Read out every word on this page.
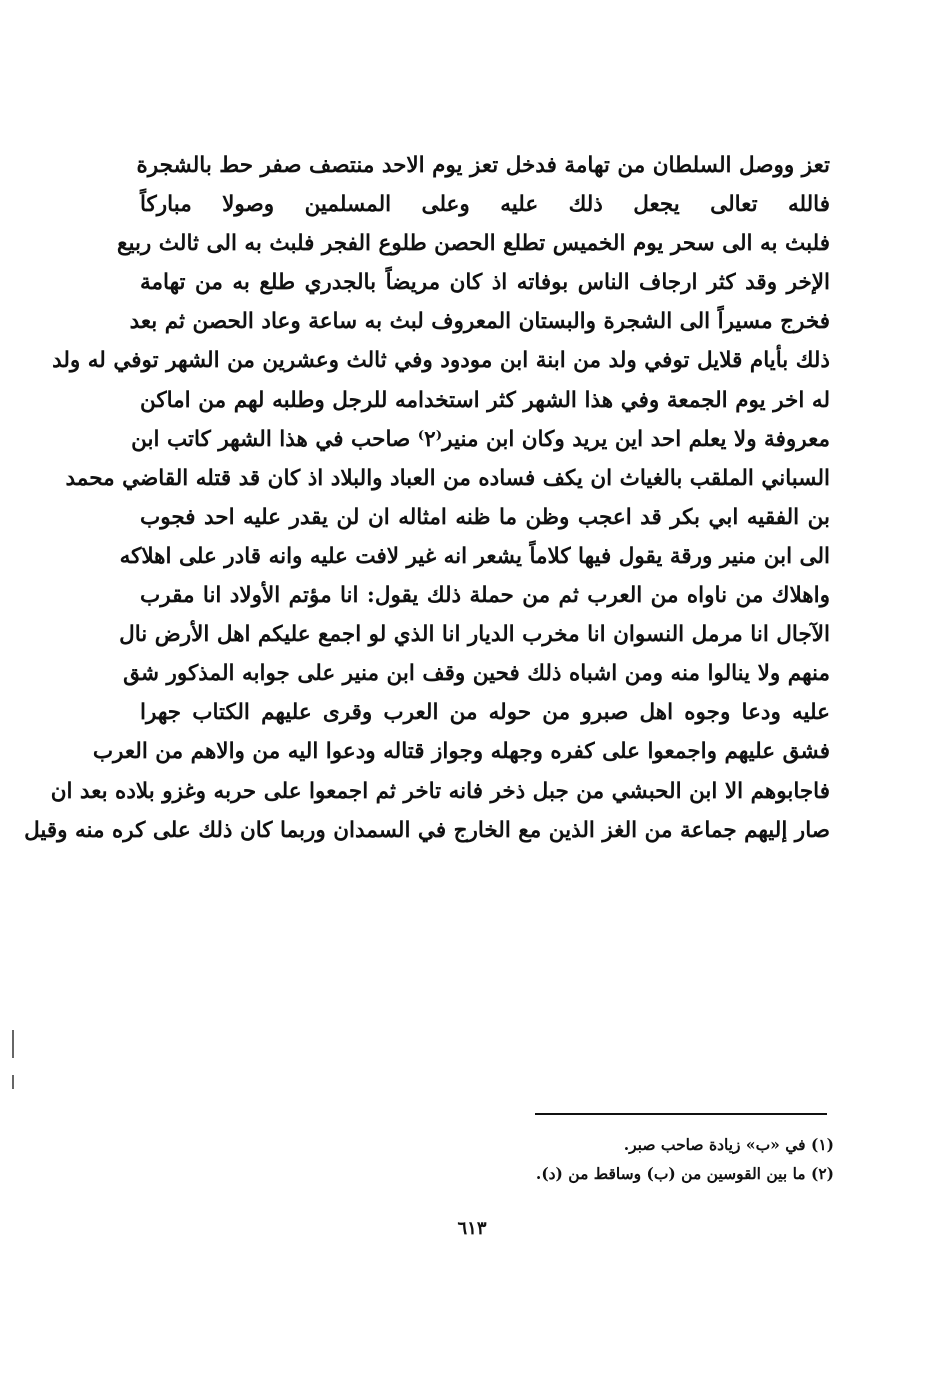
تعز ووصل السلطان من تهامة فدخل تعز يوم الاحد منتصف صفر حط بالشجرة
فالله تعالى يجعل ذلك عليه وعلى المسلمين وصولا مباركاً
فلبث به الى سحر يوم الخميس تطلع الحصن طلوع الفجر فلبث به الى ثالث ربيع
الإخر وقد كثر ارجاف الناس بوفاته اذ كان مريضاً بالجدري طلع به من تهامة
فخرج مسيراً الى الشجرة والبستان المعروف لبث به ساعة وعاد الحصن ثم بعد
ذلك بأيام قلايل توفي ولد من ابنة ابن مودود وفي ثالث وعشرين من الشهر توفي له ولد
له اخر يوم الجمعة وفي هذا الشهر كثر استخدامه للرجل وطلبه لهم من اماكن
معروفة ولا يعلم احد اين يريد وكان ابن منير⁽٢⁾ صاحب في هذا الشهر كاتب ابن
السباني الملقب بالغياث ان يكف فساده من العباد والبلاد اذ كان قد قتله القاضي محمد
بن الفقيه ابي بكر قد اعجب وظن ما ظنه امثاله ان لن يقدر عليه احد فجوب
الى ابن منير ورقة يقول فيها كلاماً يشعر انه غير لافت عليه وانه قادر على اهلاكه
واهلاك من ناواه من العرب ثم من حملة ذلك يقول: انا مؤتم الأولاد انا مقرب
الآجال انا مرمل النسوان انا مخرب الديار انا الذي لو اجمع عليكم اهل الأرض نال
منهم ولا ينالوا منه ومن اشباه ذلك فحين وقف ابن منير على جوابه المذكور شق
عليه ودعا وجوه اهل صبرو من حوله من العرب وقرى عليهم الكتاب جهرا
فشق عليهم واجمعوا على كفره وجهله وجواز قتاله ودعوا اليه من والاهم من العرب
فاجابوهم الا ابن الحبشي من جبل ذخر فانه تاخر ثم اجمعوا على حربه وغزو بلاده بعد ان
صار إليهم جماعة من الغز الذين مع الخارج في السمدان وربما كان ذلك على كره منه وقيل
(١) في «ب» زيادة صاحب صبر.
(٢) ما بين القوسين من (ب) وساقط من (د).
٦١٣
